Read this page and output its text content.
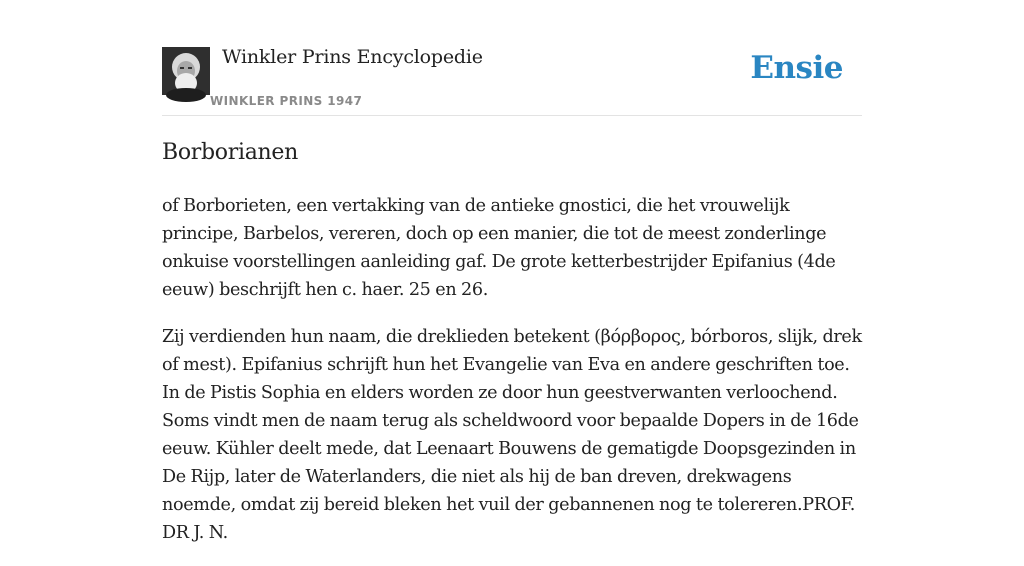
Winkler Prins Encyclopedie
WINKLER PRINS 1947
Ensie
Borborianen

of Borborieten, een vertakking van de antieke gnostici, die het vrouwelijk principe, Barbelos, vereren, doch op een manier, die tot de meest zonderlinge onkuise voorstellingen aanleiding gaf. De grote ketterbestrijder Epifanius (4de eeuw) beschrijft hen c. haer. 25 en 26.

Zij verdienden hun naam, die dreklieden betekent (βόρβορος, bórboros, slijk, drek of mest). Epifanius schrijft hun het Evangelie van Eva en andere geschriften toe. In de Pistis Sophia en elders worden ze door hun geestverwanten verloochend. Soms vindt men de naam terug als scheldwoord voor bepaalde Dopers in de 16de eeuw. Kühler deelt mede, dat Leenaart Bouwens de gematigde Doopsgezinden in De Rijp, later de Waterlanders, die niet als hij de ban dreven, drekwagens noemde, omdat zij bereid bleken het vuil der gebannenen nog te tolereren.PROF. DR J. N.
